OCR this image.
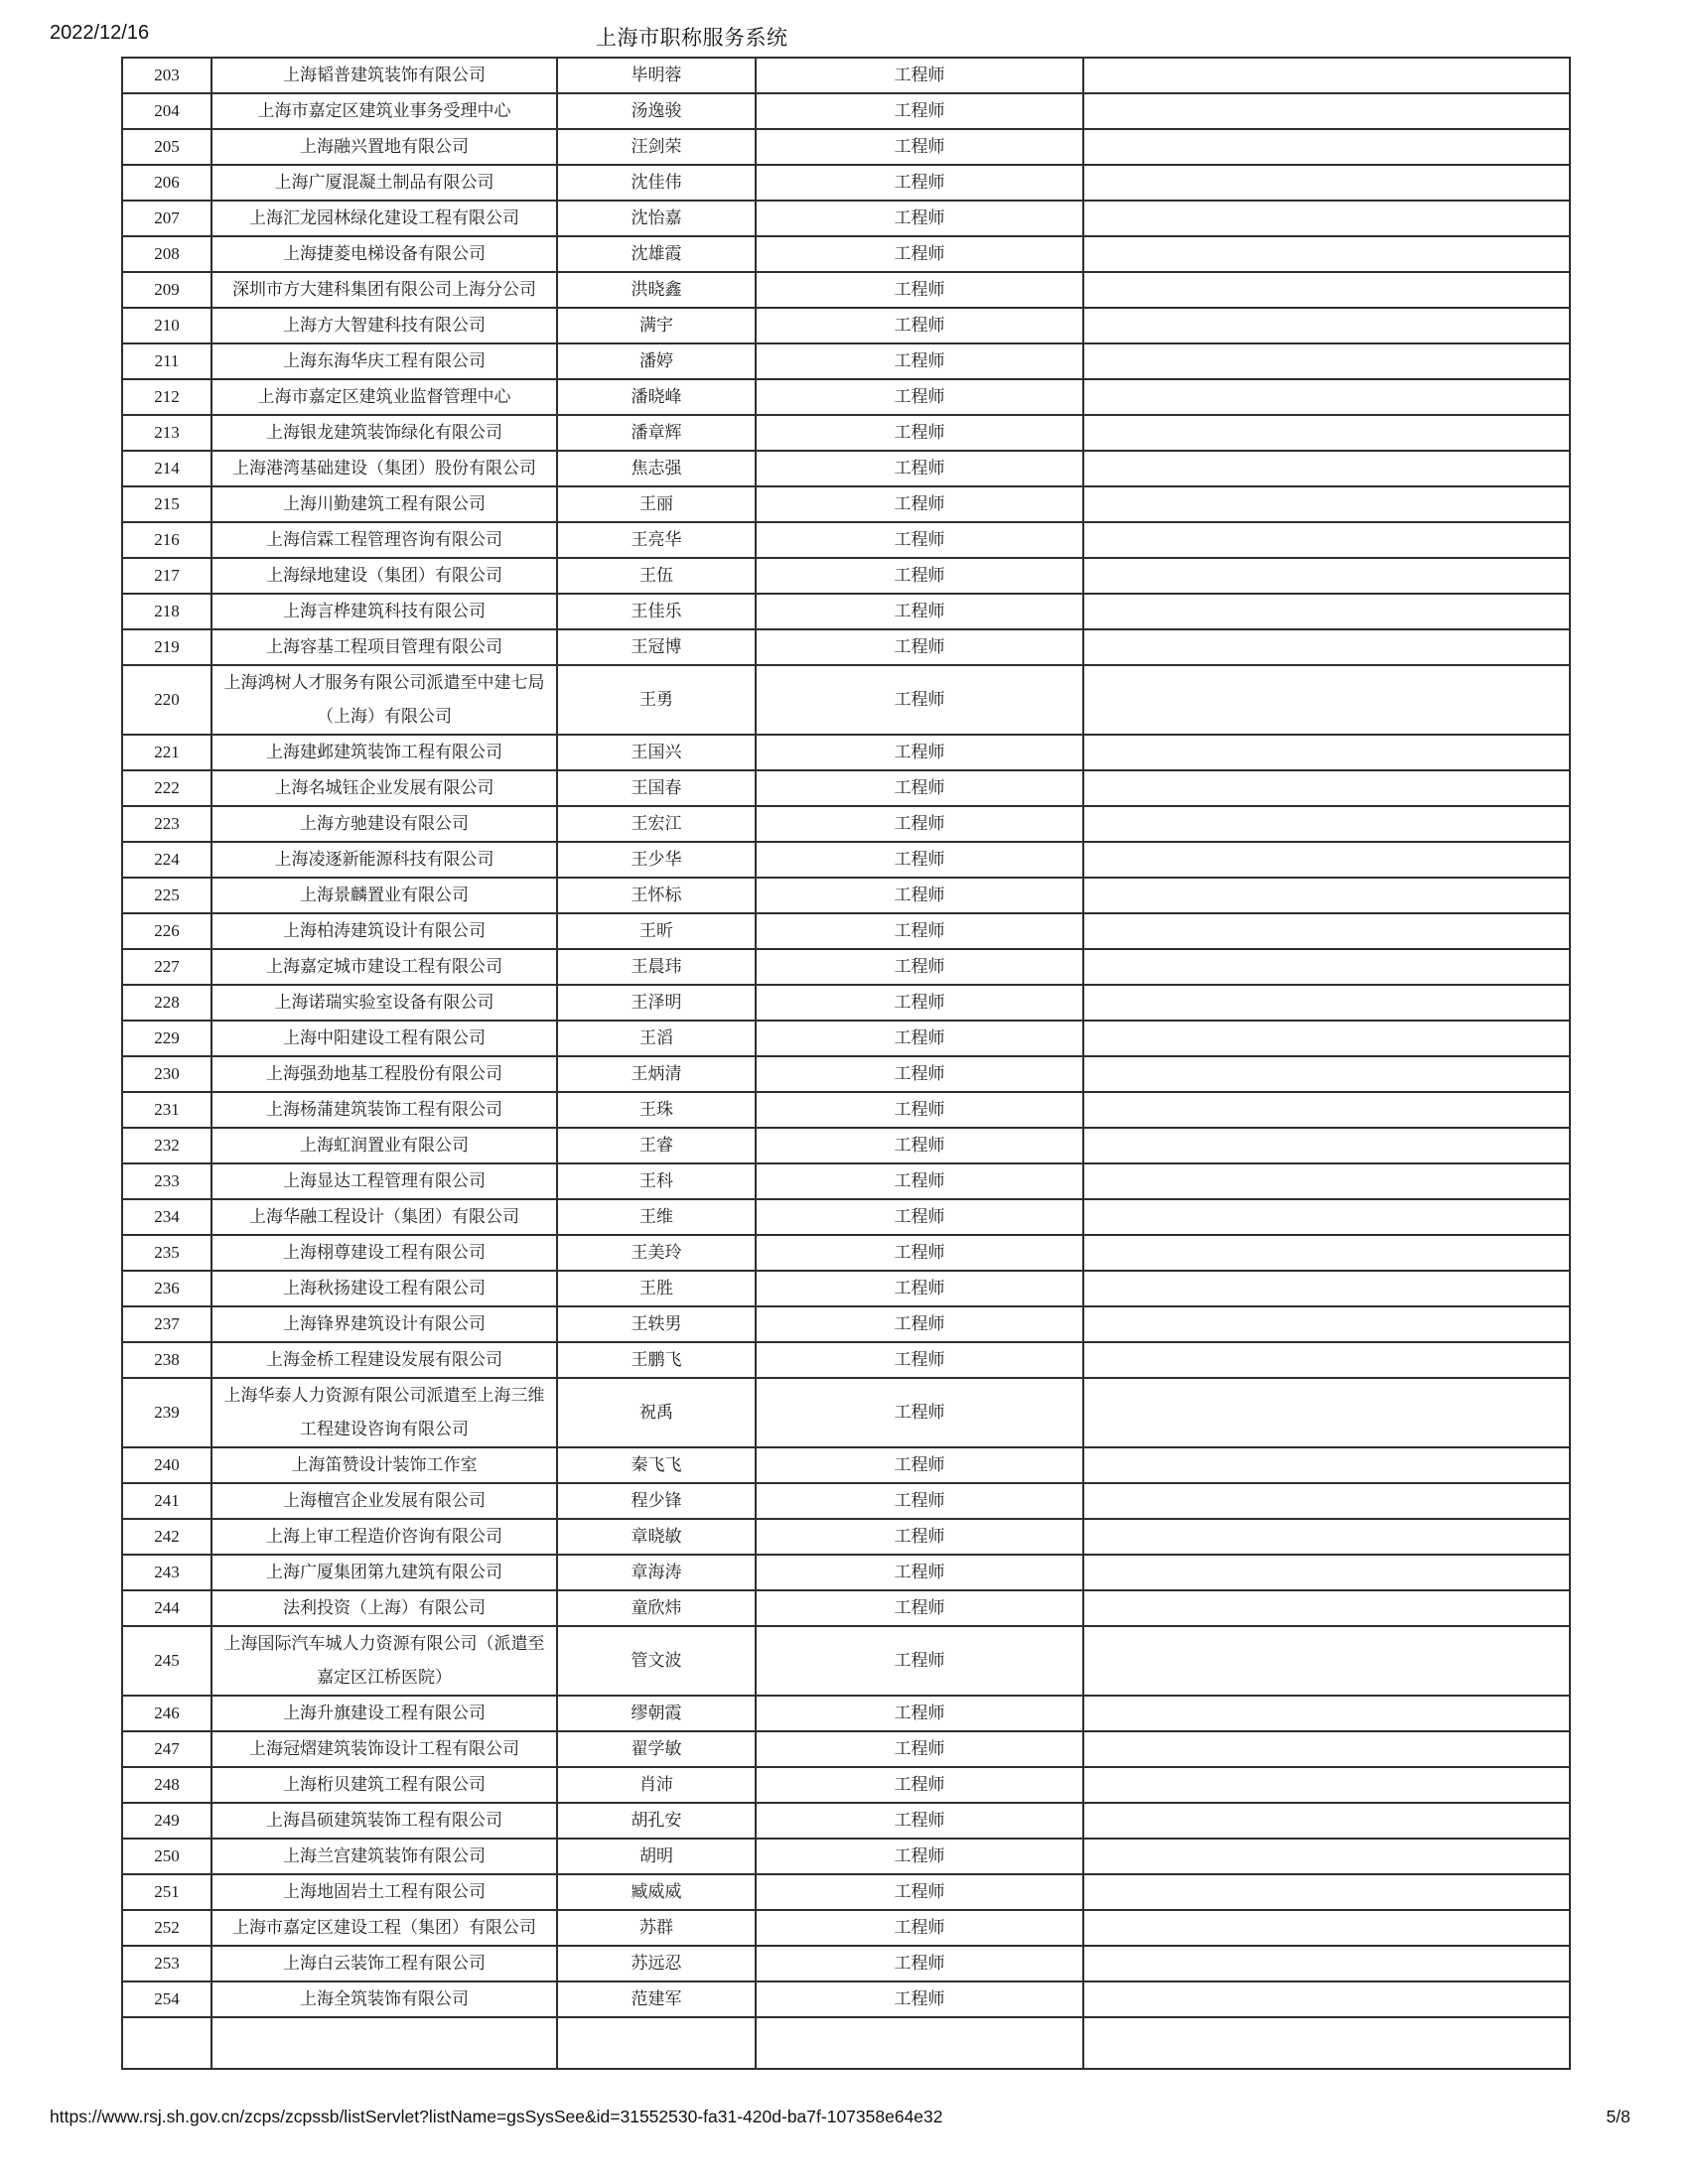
2022/12/16	上海市职称服务系统
203	上海韬普建筑装饰有限公司	毕明蓉	工程师	
204	上海市嘉定区建筑业事务受理中心	汤逸骏	工程师	
205	上海融兴置地有限公司	汪剑荣	工程师	
206	上海广厦混凝土制品有限公司	沈佳伟	工程师	
207	上海汇龙园林绿化建设工程有限公司	沈怡嘉	工程师	
208	上海捷菱电梯设备有限公司	沈雄霞	工程师	
209	深圳市方大建科集团有限公司上海分公司	洪晓鑫	工程师	
210	上海方大智建科技有限公司	满宇	工程师	
211	上海东海华庆工程有限公司	潘婷	工程师	
212	上海市嘉定区建筑业监督管理中心	潘晓峰	工程师	
213	上海银龙建筑装饰绿化有限公司	潘章辉	工程师	
214	上海港湾基础建设（集团）股份有限公司	焦志强	工程师	
215	上海川勤建筑工程有限公司	王丽	工程师	
216	上海信霖工程管理咨询有限公司	王亮华	工程师	
217	上海绿地建设（集团）有限公司	王伍	工程师	
218	上海言桦建筑科技有限公司	王佳乐	工程师	
219	上海容基工程项目管理有限公司	王冠博	工程师	
220	上海鸿树人才服务有限公司派遣至中建七局（上海）有限公司	王勇	工程师	
221	上海建邺建筑装饰工程有限公司	王国兴	工程师	
222	上海名城钰企业发展有限公司	王国春	工程师	
223	上海方驰建设有限公司	王宏江	工程师	
224	上海凌逐新能源科技有限公司	王少华	工程师	
225	上海景麟置业有限公司	王怀标	工程师	
226	上海柏涛建筑设计有限公司	王昕	工程师	
227	上海嘉定城市建设工程有限公司	王晨玮	工程师	
228	上海诺瑞实验室设备有限公司	王泽明	工程师	
229	上海中阳建设工程有限公司	王滔	工程师	
230	上海强劲地基工程股份有限公司	王炳清	工程师	
231	上海杨蒲建筑装饰工程有限公司	王珠	工程师	
232	上海虹润置业有限公司	王睿	工程师	
233	上海显达工程管理有限公司	王科	工程师	
234	上海华融工程设计（集团）有限公司	王维	工程师	
235	上海栩尊建设工程有限公司	王美玲	工程师	
236	上海秋扬建设工程有限公司	王胜	工程师	
237	上海锋界建筑设计有限公司	王轶男	工程师	
238	上海金桥工程建设发展有限公司	王鹏飞	工程师	
239	上海华泰人力资源有限公司派遣至上海三维工程建设咨询有限公司	祝禹	工程师	
240	上海笛赞设计装饰工作室	秦飞飞	工程师	
241	上海檀宫企业发展有限公司	程少锋	工程师	
242	上海上审工程造价咨询有限公司	章晓敏	工程师	
243	上海广厦集团第九建筑有限公司	章海涛	工程师	
244	法利投资（上海）有限公司	童欣炜	工程师	
245	上海国际汽车城人力资源有限公司（派遣至嘉定区江桥医院）	管文波	工程师	
246	上海升旗建设工程有限公司	缪朝霞	工程师	
247	上海冠熠建筑装饰设计工程有限公司	翟学敏	工程师	
248	上海桁贝建筑工程有限公司	肖沛	工程师	
249	上海昌硕建筑装饰工程有限公司	胡孔安	工程师	
250	上海兰宫建筑装饰有限公司	胡明	工程师	
251	上海地固岩土工程有限公司	臧威威	工程师	
252	上海市嘉定区建设工程（集团）有限公司	苏群	工程师	
253	上海白云装饰工程有限公司	苏远忍	工程师	
254	上海全筑装饰有限公司	范建军	工程师	

https://www.rsj.sh.gov.cn/zcps/zcpssb/listServlet?listName=gsSysSee&id=31552530-fa31-420d-ba7f-107358e64e32	5/8
